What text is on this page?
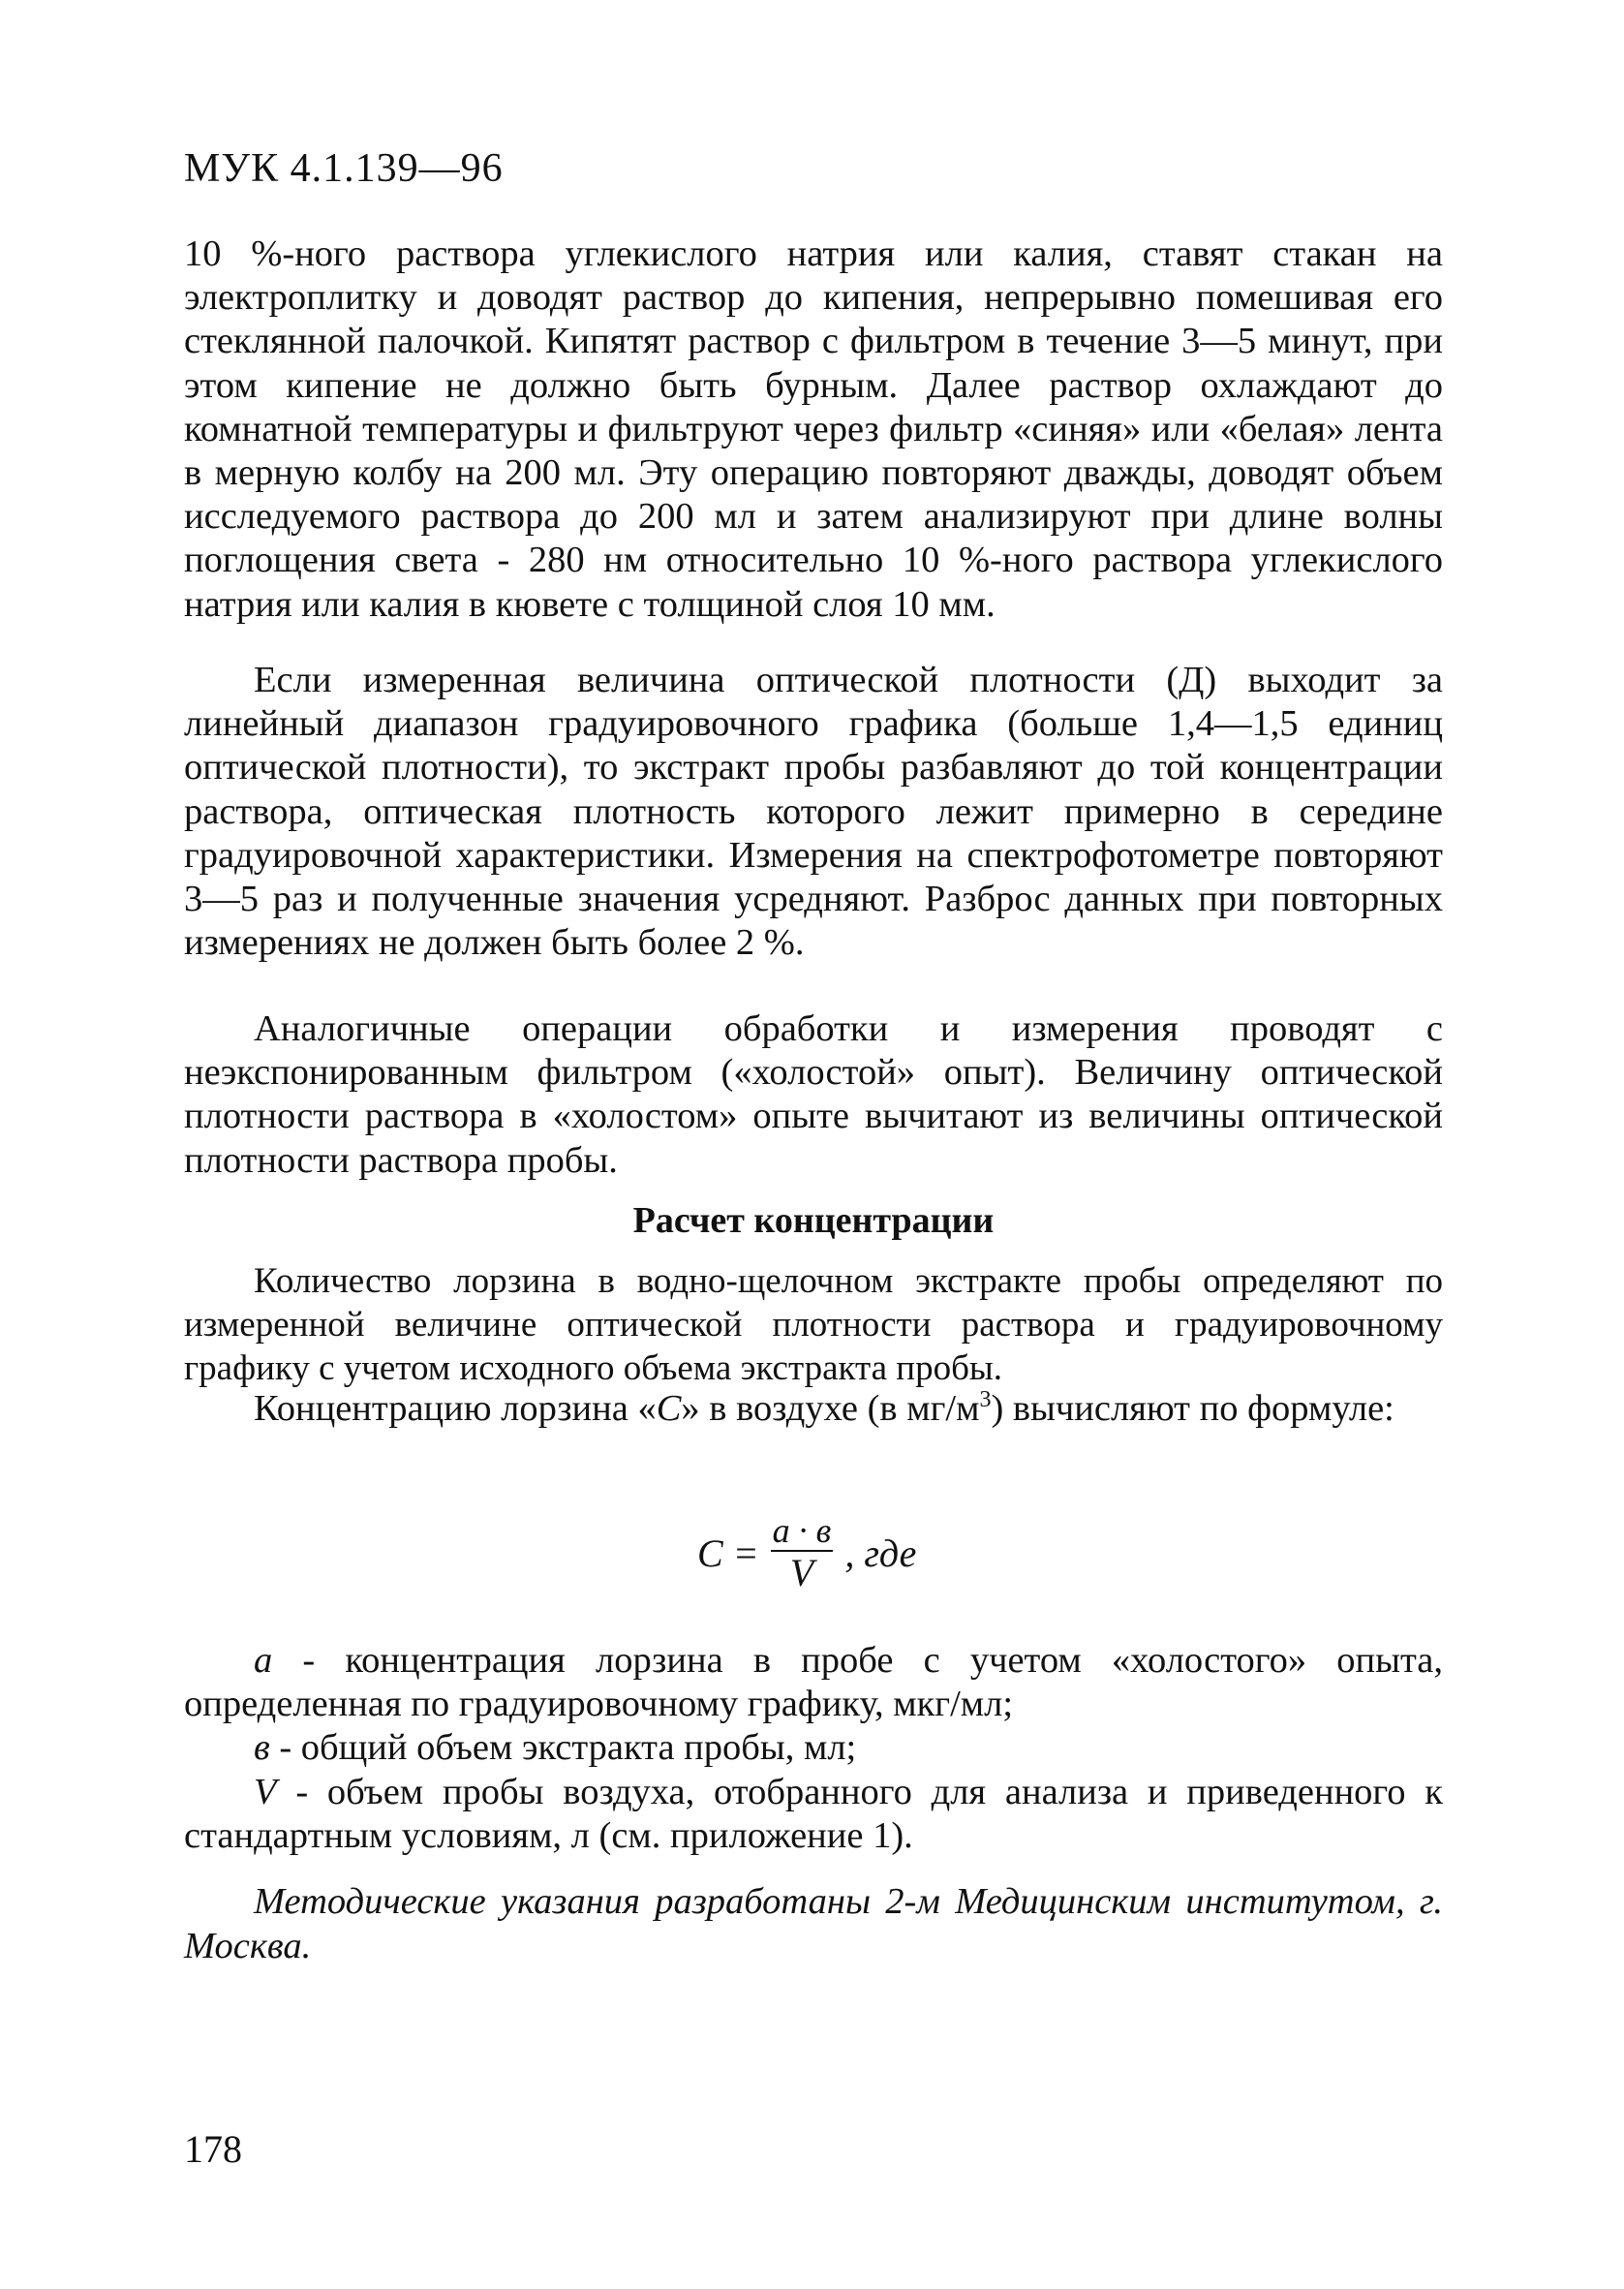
МУК 4.1.139—96

10 %-ного раствора углекислого натрия или калия, ставят стакан на электроплитку и доводят раствор до кипения, непрерывно помешивая его стеклянной палочкой. Кипятят раствор с фильтром в течение 3—5 минут, при этом кипение не должно быть бурным. Далее раствор охлаждают до комнатной температуры и фильтруют через фильтр «синяя» или «белая» лента в мерную колбу на 200 мл. Эту операцию повторяют дважды, доводят объем исследуемого раствора до 200 мл и затем анализируют при длине волны поглощения света - 280 нм относительно 10 %-ного раствора углекислого натрия или калия в кювете с толщиной слоя 10 мм.

Если измеренная величина оптической плотности (Д) выходит за линейный диапазон градуировочного графика (больше 1,4—1,5 единиц оптической плотности), то экстракт пробы разбавляют до той концентрации раствора, оптическая плотность которого лежит примерно в середине градуировочной характеристики. Измерения на спектрофотометре повторяют 3—5 раз и полученные значения усредняют. Разброс данных при повторных измерениях не должен быть более 2 %.

Аналогичные операции обработки и измерения проводят с неэкспонированным фильтром («холостой» опыт). Величину оптической плотности раствора в «холостом» опыте вычитают из величины оптической плотности раствора пробы.

Расчет концентрации

Количество лорзина в водно-щелочном экстракте пробы определяют по измеренной величине оптической плотности раствора и градуировочному графику с учетом исходного объема экстракта пробы.

Концентрацию лорзина «С» в воздухе (в $мг/м^3$) вычисляют по формуле:

$С = \frac{а \cdot в}{V}$ , где

а - концентрация лорзина в пробе с учетом «холостого» опыта, определенная по градуировочному графику, мкг/мл;

в - общий объем экстракта пробы, мл;

V - объем пробы воздуха, отобранного для анализа и приведенного к стандартным условиям, л (см. приложение 1).

Методические указания разработаны 2-м Медицинским институтом, г. Москва.
178
